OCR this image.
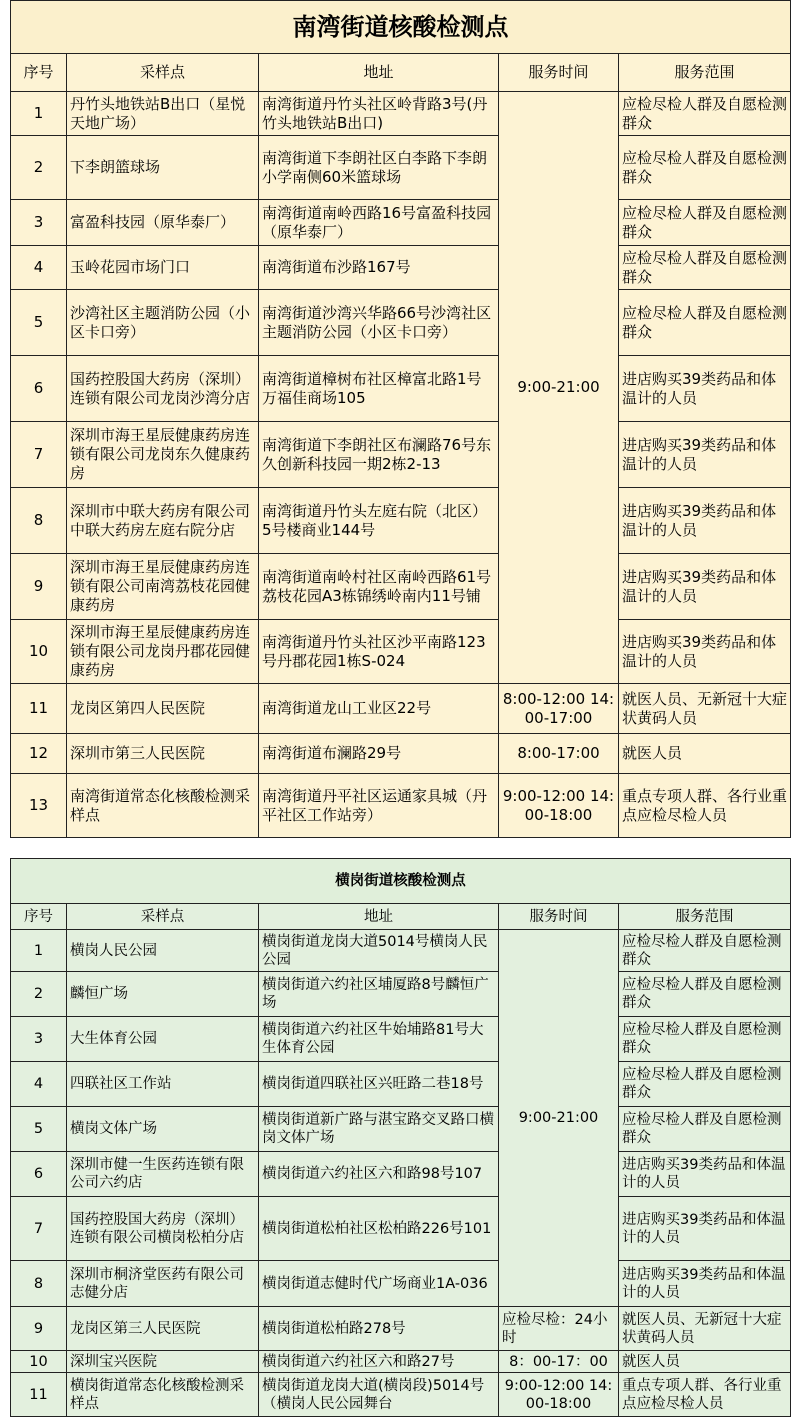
南湾街道核酸检测点				
序号	采样点	地址	服务时间	服务范围
1	丹竹头地铁站B出口（星悦天地广场）	南湾街道丹竹头社区岭背路3号(丹竹头地铁站B出口)	9:00-21:00	应检尽检人群及自愿检测群众
2	下李朗篮球场	南湾街道下李朗社区白李路下李朗小学南侧60米篮球场		应检尽检人群及自愿检测群众
3	富盈科技园（原华泰厂）	南湾街道南岭西路16号富盈科技园（原华泰厂）		应检尽检人群及自愿检测群众
4	玉岭花园市场门口	南湾街道布沙路167号		应检尽检人群及自愿检测群众
5	沙湾社区主题消防公园（小区卡口旁）	南湾街道沙湾兴华路66号沙湾社区主题消防公园（小区卡口旁）		应检尽检人群及自愿检测群众
6	国药控股国大药房（深圳）连锁有限公司龙岗沙湾分店	南湾街道樟树布社区樟富北路1号万福佳商场105		进店购买39类药品和体温计的人员
7	深圳市海王星辰健康药房连锁有限公司龙岗东久健康药房	南湾街道下李朗社区布澜路76号东久创新科技园一期2栋2-13		进店购买39类药品和体温计的人员
8	深圳市中联大药房有限公司中联大药房左庭右院分店	南湾街道丹竹头左庭右院（北区）5号楼商业144号		进店购买39类药品和体温计的人员
9	深圳市海王星辰健康药房连锁有限公司南湾荔枝花园健康药房	南湾街道南岭村社区南岭西路61号荔枝花园A3栋锦绣岭南内11号铺		进店购买39类药品和体温计的人员
10	深圳市海王星辰健康药房连锁有限公司龙岗丹郡花园健康药房	南湾街道丹竹头社区沙平南路123号丹郡花园1栋S-024		进店购买39类药品和体温计的人员
11	龙岗区第四人民医院	南湾街道龙山工业区22号	8:00-12:00 14:00-17:00	就医人员、无新冠十大症状黄码人员
12	深圳市第三人民医院	南湾街道布澜路29号	8:00-17:00	就医人员
13	南湾街道常态化核酸检测采样点	南湾街道丹平社区运通家具城（丹平社区工作站旁）	9:00-12:00 14:00-18:00	重点专项人群、各行业重点应检尽检人员
横岗街道核酸检测点				
序号	采样点	地址	服务时间	服务范围
1	横岗人民公园	横岗街道龙岗大道5014号横岗人民公园	9:00-21:00	应检尽检人群及自愿检测群众
2	麟恒广场	横岗街道六约社区埔厦路8号麟恒广场		应检尽检人群及自愿检测群众
3	大生体育公园	横岗街道六约社区牛始埔路81号大生体育公园		应检尽检人群及自愿检测群众
4	四联社区工作站	横岗街道四联社区兴旺路二巷18号		应检尽检人群及自愿检测群众
5	横岗文体广场	横岗街道新广路与湛宝路交叉路口横岗文体广场		应检尽检人群及自愿检测群众
6	深圳市健一生医药连锁有限公司六约店	横岗街道六约社区六和路98号107		进店购买39类药品和体温计的人员
7	国药控股国大药房（深圳）连锁有限公司横岗松柏分店	横岗街道松柏社区松柏路226号101		进店购买39类药品和体温计的人员
8	深圳市桐济堂医药有限公司志健分店	横岗街道志健时代广场商业1A-036		进店购买39类药品和体温计的人员
9	龙岗区第三人民医院	横岗街道松柏路278号	应检尽检：24小时	就医人员、无新冠十大症状黄码人员
10	深圳宝兴医院	横岗街道六约社区六和路27号	8：00-17：00	就医人员
11	横岗街道常态化核酸检测采样点	横岗街道龙岗大道(横岗段)5014号（横岗人民公园舞台	9:00-12:00 14:00-18:00	重点专项人群、各行业重点应检尽检人员
